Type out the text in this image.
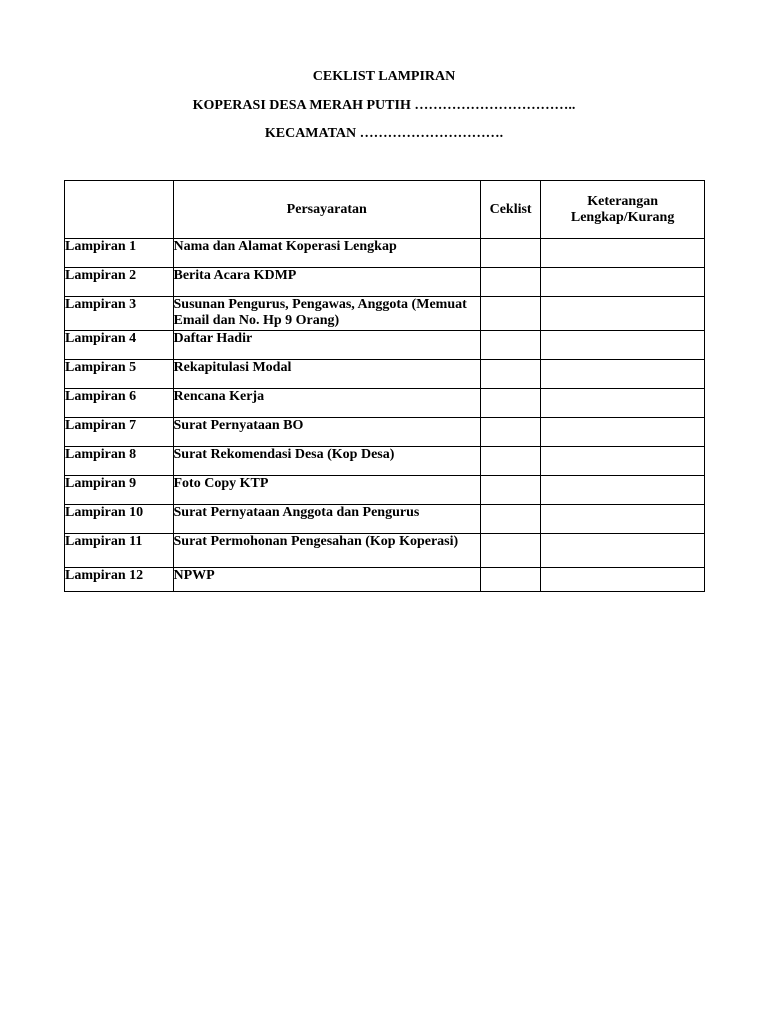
CEKLIST LAMPIRAN
KOPERASI DESA MERAH PUTIH ……………………………..
KECAMATAN ………………………….
	Persayaratan	Ceklist	Keterangan Lengkap/Kurang
Lampiran 1	Nama dan Alamat Koperasi Lengkap		
Lampiran 2	Berita Acara KDMP		
Lampiran 3	Susunan Pengurus, Pengawas, Anggota (Memuat Email dan No. Hp 9 Orang)		
Lampiran 4	Daftar Hadir		
Lampiran 5	Rekapitulasi Modal		
Lampiran 6	Rencana Kerja		
Lampiran 7	Surat Pernyataan BO		
Lampiran 8	Surat Rekomendasi Desa (Kop Desa)		
Lampiran 9	Foto Copy KTP		
Lampiran 10	Surat Pernyataan Anggota dan Pengurus		
Lampiran 11	Surat Permohonan Pengesahan (Kop Koperasi)		
Lampiran 12	NPWP		
